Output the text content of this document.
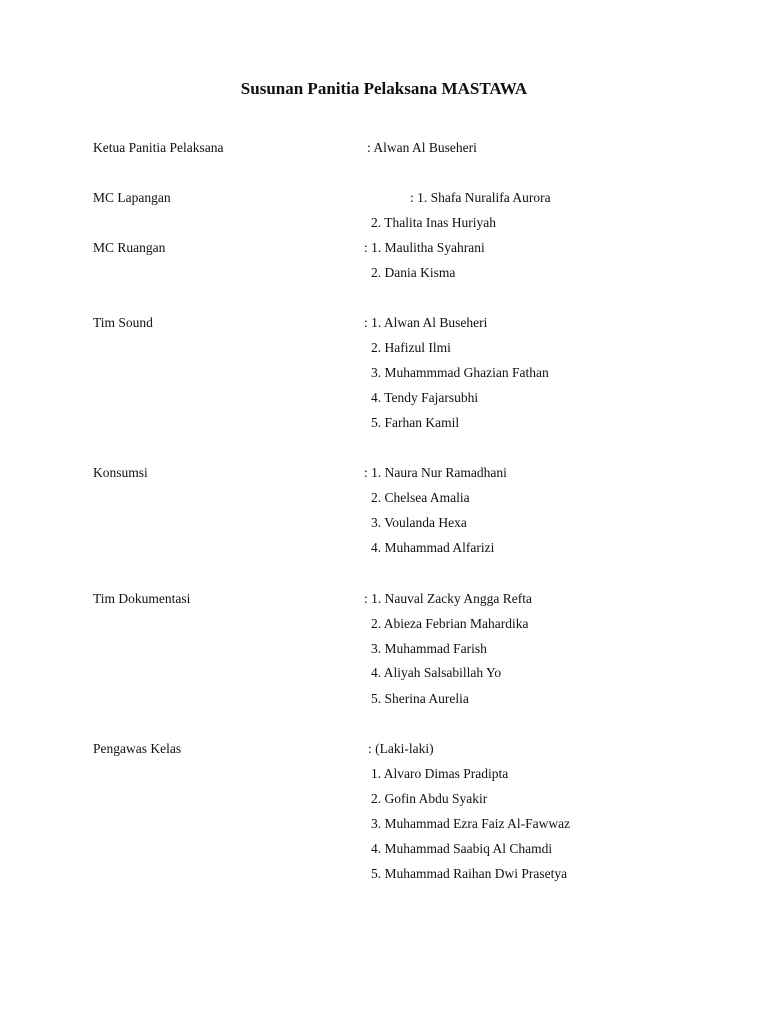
Susunan Panitia Pelaksana MASTAWA
Ketua Panitia Pelaksana	: Alwan Al Buseheri
MC Lapangan	: 1. Shafa Nuralifa Aurora
2. Thalita Inas Huriyah
MC Ruangan	: 1. Maulitha Syahrani
2. Dania Kisma
Tim Sound	: 1. Alwan Al Buseheri
2. Hafizul Ilmi
3. Muhammmad Ghazian Fathan
4. Tendy Fajarsubhi
5. Farhan Kamil
Konsumsi	: 1. Naura Nur Ramadhani
2. Chelsea Amalia
3. Voulanda Hexa
4. Muhammad Alfarizi
Tim Dokumentasi	: 1. Nauval Zacky Angga Refta
2. Abieza Febrian Mahardika
3. Muhammad Farish
4. Aliyah Salsabillah Yo
5. Sherina Aurelia
Pengawas Kelas	: (Laki-laki)
1. Alvaro Dimas Pradipta
2. Gofin Abdu Syakir
3. Muhammad Ezra Faiz Al-Fawwaz
4. Muhammad Saabiq Al Chamdi
5. Muhammad Raihan Dwi Prasetya
